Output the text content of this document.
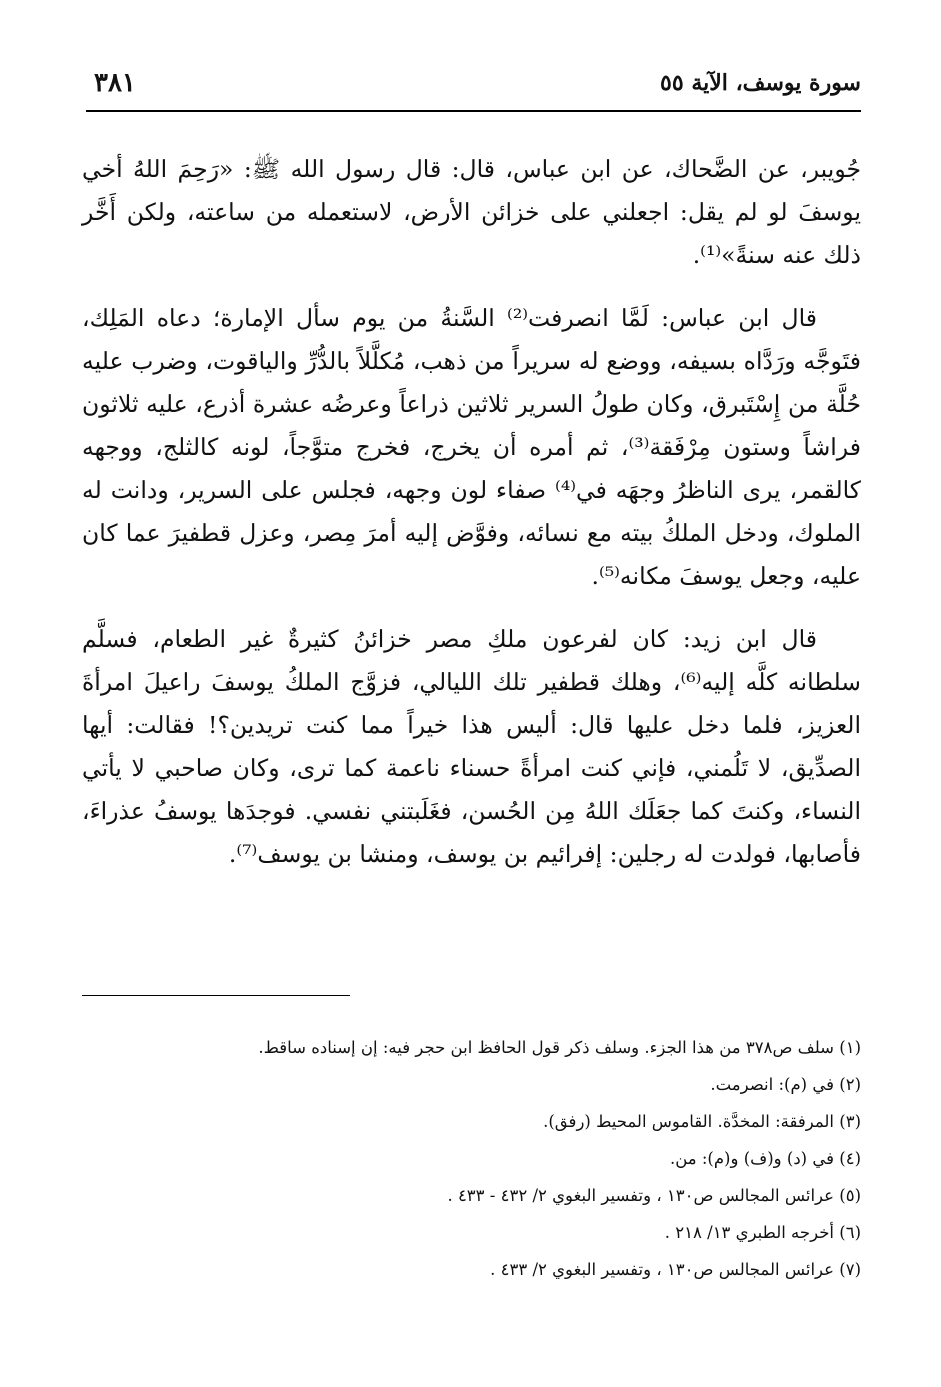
سورة يوسف، الآية ٥٥
٣٨١

جُويبر، عن الضَّحاك، عن ابن عباس، قال: قال رسول الله ﷺ: «رَحِمَ اللهُ أخي يوسفَ لو لم يقل: اجعلني على خزائن الأرض، لاستعمله من ساعته، ولكن أَخَّر ذلك عنه سنةً»⁽¹⁾.

قال ابن عباس: لَمَّا انصرفت⁽²⁾ السَّنةُ من يوم سأل الإمارة؛ دعاه المَلِك، فتَوجَّه ورَدَّاه بسيفه، ووضع له سريراً من ذهب، مُكلَّلاً بالدُّرِّ والياقوت، وضرب عليه حُلَّة من إِسْتَبرق، وكان طولُ السرير ثلاثين ذراعاً وعرضُه عشرة أذرع، عليه ثلاثون فراشاً وستون مِرْفَقة⁽³⁾، ثم أمره أن يخرج، فخرج متوَّجاً، لونه كالثلج، ووجهه كالقمر، يرى الناظرُ وجهَه في⁽⁴⁾ صفاء لون وجهه، فجلس على السرير، ودانت له الملوك، ودخل الملكُ بيته مع نسائه، وفوَّض إليه أمرَ مِصر، وعزل قطفيرَ عما كان عليه، وجعل يوسفَ مكانه⁽⁵⁾.

قال ابن زيد: كان لفرعون ملكِ مصر خزائنُ كثيرةٌ غير الطعام، فسلَّم سلطانه كلَّه إليه⁽⁶⁾، وهلك قطفير تلك الليالي، فزوَّج الملكُ يوسفَ راعيلَ امرأةَ العزيز، فلما دخل عليها قال: أليس هذا خيراً مما كنت تريدين؟! فقالت: أيها الصدِّيق، لا تَلُمني، فإني كنت امرأةً حسناء ناعمة كما ترى، وكان صاحبي لا يأتي النساء، وكنتَ كما جعَلَك اللهُ مِن الحُسن، فغَلَبتني نفسي. فوجدَها يوسفُ عذراءَ، فأصابها، فولدت له رجلين: إفرائيم بن يوسف، ومنشا بن يوسف⁽⁷⁾.

(١) سلف ص٣٧٨ من هذا الجزء. وسلف ذكر قول الحافظ ابن حجر فيه: إن إسناده ساقط.
(٢) في (م): انصرمت.
(٣) المرفقة: المخدَّة. القاموس المحيط (رفق).
(٤) في (د) و(ف) و(م): من.
(٥) عرائس المجالس ص١٣٠ ، وتفسير البغوي ٢/ ٤٣٢ - ٤٣٣ .
(٦) أخرجه الطبري ١٣/ ٢١٨ .
(٧) عرائس المجالس ص١٣٠ ، وتفسير البغوي ٢/ ٤٣٣ .
